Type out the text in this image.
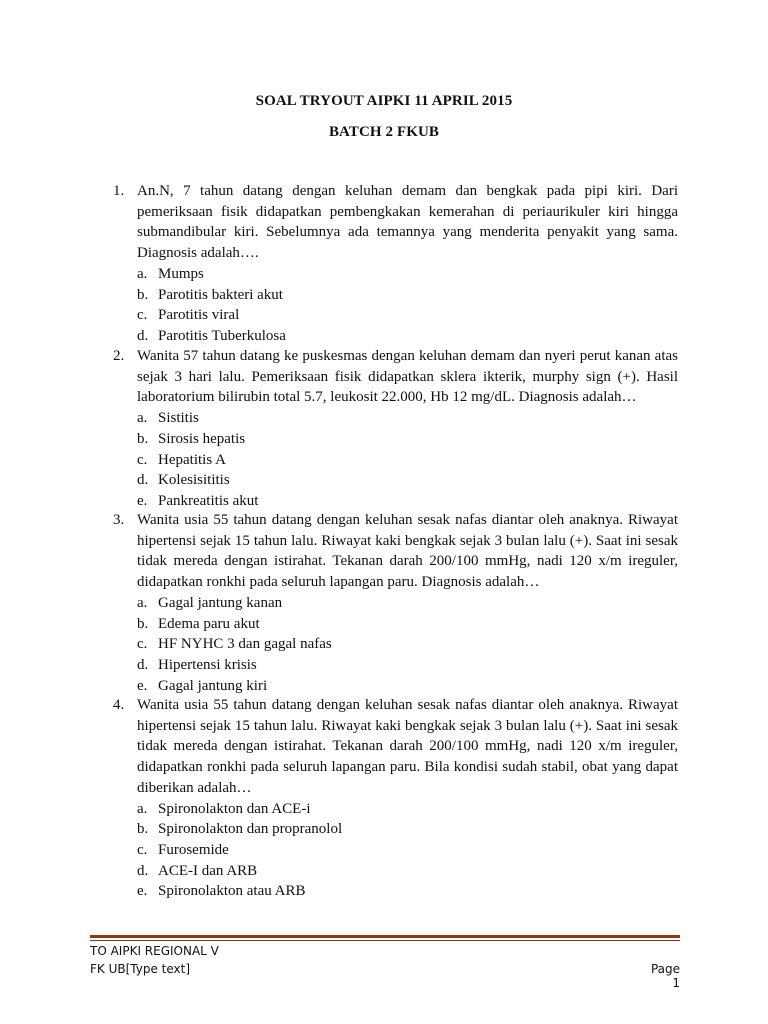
SOAL TRYOUT AIPKI 11 APRIL 2015
BATCH 2 FKUB
1. An.N, 7 tahun datang dengan keluhan demam dan bengkak pada pipi kiri. Dari pemeriksaan fisik didapatkan pembengkakan kemerahan di periaurikuler kiri hingga submandibular kiri. Sebelumnya ada temannya yang menderita penyakit yang sama. Diagnosis adalah….
a. Mumps
b. Parotitis bakteri akut
c. Parotitis viral
d. Parotitis Tuberkulosa
2. Wanita 57 tahun datang ke puskesmas dengan keluhan demam dan nyeri perut kanan atas sejak 3 hari lalu. Pemeriksaan fisik didapatkan sklera ikterik, murphy sign (+). Hasil laboratorium bilirubin total 5.7, leukosit 22.000, Hb 12 mg/dL. Diagnosis adalah…
a. Sistitis
b. Sirosis hepatis
c. Hepatitis A
d. Kolesisititis
e. Pankreatitis akut
3. Wanita usia 55 tahun datang dengan keluhan sesak nafas diantar oleh anaknya. Riwayat hipertensi sejak 15 tahun lalu. Riwayat kaki bengkak sejak 3 bulan lalu (+). Saat ini sesak tidak mereda dengan istirahat. Tekanan darah 200/100 mmHg, nadi 120 x/m ireguler, didapatkan ronkhi pada seluruh lapangan paru. Diagnosis adalah…
a. Gagal jantung kanan
b. Edema paru akut
c. HF NYHC 3 dan gagal nafas
d. Hipertensi krisis
e. Gagal jantung kiri
4. Wanita usia 55 tahun datang dengan keluhan sesak nafas diantar oleh anaknya. Riwayat hipertensi sejak 15 tahun lalu. Riwayat kaki bengkak sejak 3 bulan lalu (+). Saat ini sesak tidak mereda dengan istirahat. Tekanan darah 200/100 mmHg, nadi 120 x/m ireguler, didapatkan ronkhi pada seluruh lapangan paru. Bila kondisi sudah stabil, obat yang dapat diberikan adalah…
a. Spironolakton dan ACE-i
b. Spironolakton dan propranolol
c. Furosemide
d. ACE-I dan ARB
e. Spironolakton atau ARB
TO AIPKI REGIONAL V
FK UB[Type text]	Page 1
